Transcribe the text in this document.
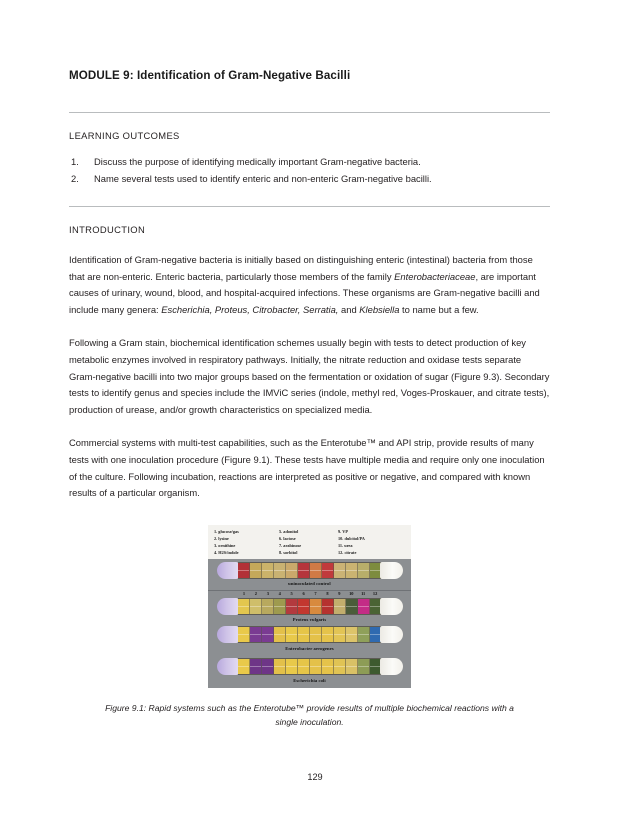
MODULE 9: Identification of Gram-Negative Bacilli
LEARNING OUTCOMES
1. Discuss the purpose of identifying medically important Gram-negative bacteria.
2. Name several tests used to identify enteric and non-enteric Gram-negative bacilli.
INTRODUCTION

Identification of Gram-negative bacteria is initially based on distinguishing enteric (intestinal) bacteria from those that are non-enteric. Enteric bacteria, particularly those members of the family Enterobacteriaceae, are important causes of urinary, wound, blood, and hospital-acquired infections. These organisms are Gram-negative bacilli and include many genera: Escherichia, Proteus, Citrobacter, Serratia, and Klebsiella to name but a few.

Following a Gram stain, biochemical identification schemes usually begin with tests to detect production of key metabolic enzymes involved in respiratory pathways. Initially, the nitrate reduction and oxidase tests separate Gram-negative bacilli into two major groups based on the fermentation or oxidation of sugar (Figure 9.3). Secondary tests to identify genus and species include the IMViC series (indole, methyl red, Voges-Proskauer, and citrate tests), production of urease, and/or growth characteristics on specialized media.

Commercial systems with multi-test capabilities, such as the Enterotube™ and API strip, provide results of many tests with one inoculation procedure (Figure 9.1). These tests have multiple media and require only one inoculation of the culture. Following incubation, reactions are interpreted as positive or negative, and compared with known results of a particular organism.

1. glucose/gas
2. lysine
3. ornithine
4. H2S/indole
5. adonitol
6. lactose
7. arabinose
8. sorbitol
9. VP
10. dulcitol/PA
11. urea
12. citrate
uninoculated control
1	2	3	4	5	6	7	8	9	10	11	12
Proteus vulgaris
Enterobacter aerogenes
Escherichia coli
Figure 9.1: Rapid systems such as the Enterotube™ provide results of multiple biochemical reactions with a single inoculation.
129
